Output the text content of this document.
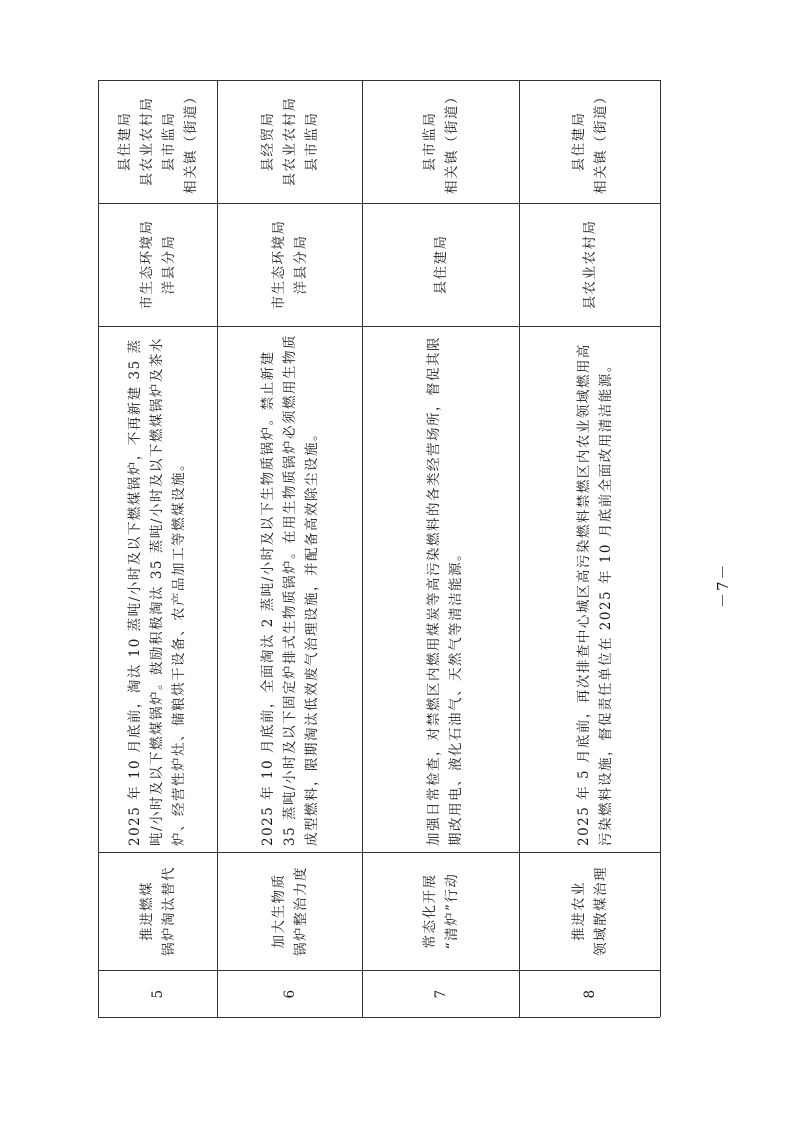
5
推进燃煤 锅炉淘汰替代
2025 年 10 月底前，淘汰 10 蒸吨/小时及以下燃煤锅炉，不再新建 35 蒸吨/小时及以下燃煤锅炉。鼓励积极淘汰 35 蒸吨/小时及以下燃煤锅炉及茶水炉、经营性炉灶、储粮烘干设备、农产品加工等燃煤设施。
市生态环境局 洋县分局
县住建局 县农业农村局 县市监局 相关镇（街道）
6
加大生物质 锅炉整治力度
2025 年 10 月底前，全面淘汰 2 蒸吨/小时及以下生物质锅炉。禁止新建 35 蒸吨/小时及以下固定炉排式生物质锅炉。在用生物质锅炉必须燃用生物质成型燃料，限期淘汰低效废气治理设施，并配备高效除尘设施。
市生态环境局 洋县分局
县经贸局 县农业农村局 县市监局
7
常态化开展 “清炉”行动
加强日常检查，对禁燃区内燃用煤炭等高污染燃料的各类经营场所，督促其限期改用电、液化石油气、天然气等清洁能源。
县住建局
县市监局 相关镇（街道）
8
推进农业 领域散煤治理
2025 年 5 月底前，再次排查中心城区高污染燃料禁燃区内农业领域燃用高污染燃料设施，督促责任单位在 2025 年 10 月底前全面改用清洁能源。
县农业农村局
县住建局 相关镇（街道）
－7－
